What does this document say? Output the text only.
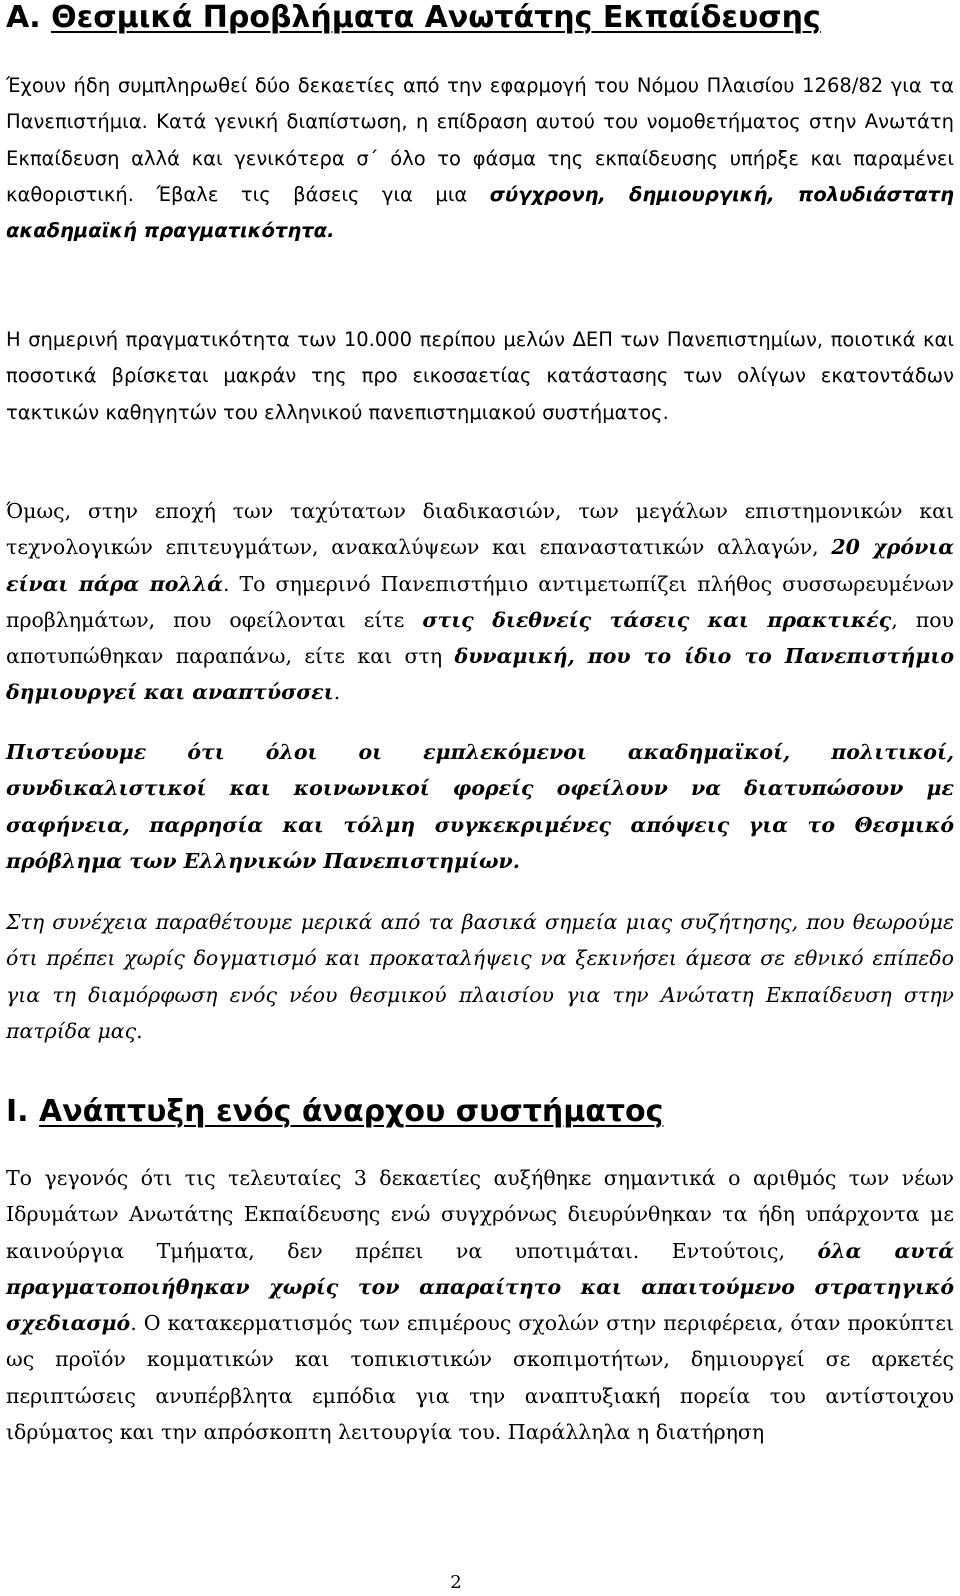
Α. Θεσμικά Προβλήματα Ανωτάτης Εκπαίδευσης

Έχουν ήδη συμπληρωθεί δύο δεκαετίες από την εφαρμογή του Νόμου Πλαισίου 1268/82 για τα Πανεπιστήμια. Κατά γενική διαπίστωση, η επίδραση αυτού του νομοθετήματος στην Ανωτάτη Εκπαίδευση αλλά και γενικότερα σ΄ όλο το φάσμα της εκπαίδευσης υπήρξε και παραμένει καθοριστική. Έβαλε τις βάσεις για μια σύγχρονη, δημιουργική, πολυδιάστατη ακαδημαϊκή πραγματικότητα.

Η σημερινή πραγματικότητα των 10.000 περίπου μελών ΔΕΠ των Πανεπιστημίων, ποιοτικά και ποσοτικά βρίσκεται μακράν της προ εικοσαετίας κατάστασης των ολίγων εκατοντάδων τακτικών καθηγητών του ελληνικού πανεπιστημιακού συστήματος.

Όμως, στην εποχή των ταχύτατων διαδικασιών, των μεγάλων επιστημονικών και τεχνολογικών επιτευγμάτων, ανακαλύψεων και επαναστατικών αλλαγών, 20 χρόνια είναι πάρα πολλά. Το σημερινό Πανεπιστήμιο αντιμετωπίζει πλήθος συσσωρευμένων προβλημάτων, που οφείλονται είτε στις διεθνείς τάσεις και πρακτικές, που αποτυπώθηκαν παραπάνω, είτε και στη δυναμική, που το ίδιο το Πανεπιστήμιο δημιουργεί και αναπτύσσει.

Πιστεύουμε ότι όλοι οι εμπλεκόμενοι ακαδημαϊκοί, πολιτικοί, συνδικαλιστικοί και κοινωνικοί φορείς οφείλουν να διατυπώσουν με σαφήνεια, παρρησία και τόλμη συγκεκριμένες απόψεις για το Θεσμικό πρόβλημα των Ελληνικών Πανεπιστημίων.

Στη συνέχεια παραθέτουμε μερικά από τα βασικά σημεία μιας συζήτησης, που θεωρούμε ότι πρέπει χωρίς δογματισμό και προκαταλήψεις να ξεκινήσει άμεσα σε εθνικό επίπεδο για τη διαμόρφωση ενός νέου θεσμικού πλαισίου για την Ανώτατη Εκπαίδευση στην πατρίδα μας.

Ι. Ανάπτυξη ενός άναρχου συστήματος

Το γεγονός ότι τις τελευταίες 3 δεκαετίες αυξήθηκε σημαντικά ο αριθμός των νέων Ιδρυμάτων Ανωτάτης Εκπαίδευσης ενώ συγχρόνως διευρύνθηκαν τα ήδη υπάρχοντα με καινούργια Τμήματα, δεν πρέπει να υποτιμάται. Εντούτοις, όλα αυτά πραγματοποιήθηκαν χωρίς τον απαραίτητο και απαιτούμενο στρατηγικό σχεδιασμό. Ο κατακερματισμός των επιμέρους σχολών στην περιφέρεια, όταν προκύπτει ως προϊόν κομματικών και τοπικιστικών σκοπιμοτήτων, δημιουργεί σε αρκετές περιπτώσεις ανυπέρβλητα εμπόδια για την αναπτυξιακή πορεία του αντίστοιχου ιδρύματος και την απρόσκοπτη λειτουργία του. Παράλληλα η διατήρηση

2
